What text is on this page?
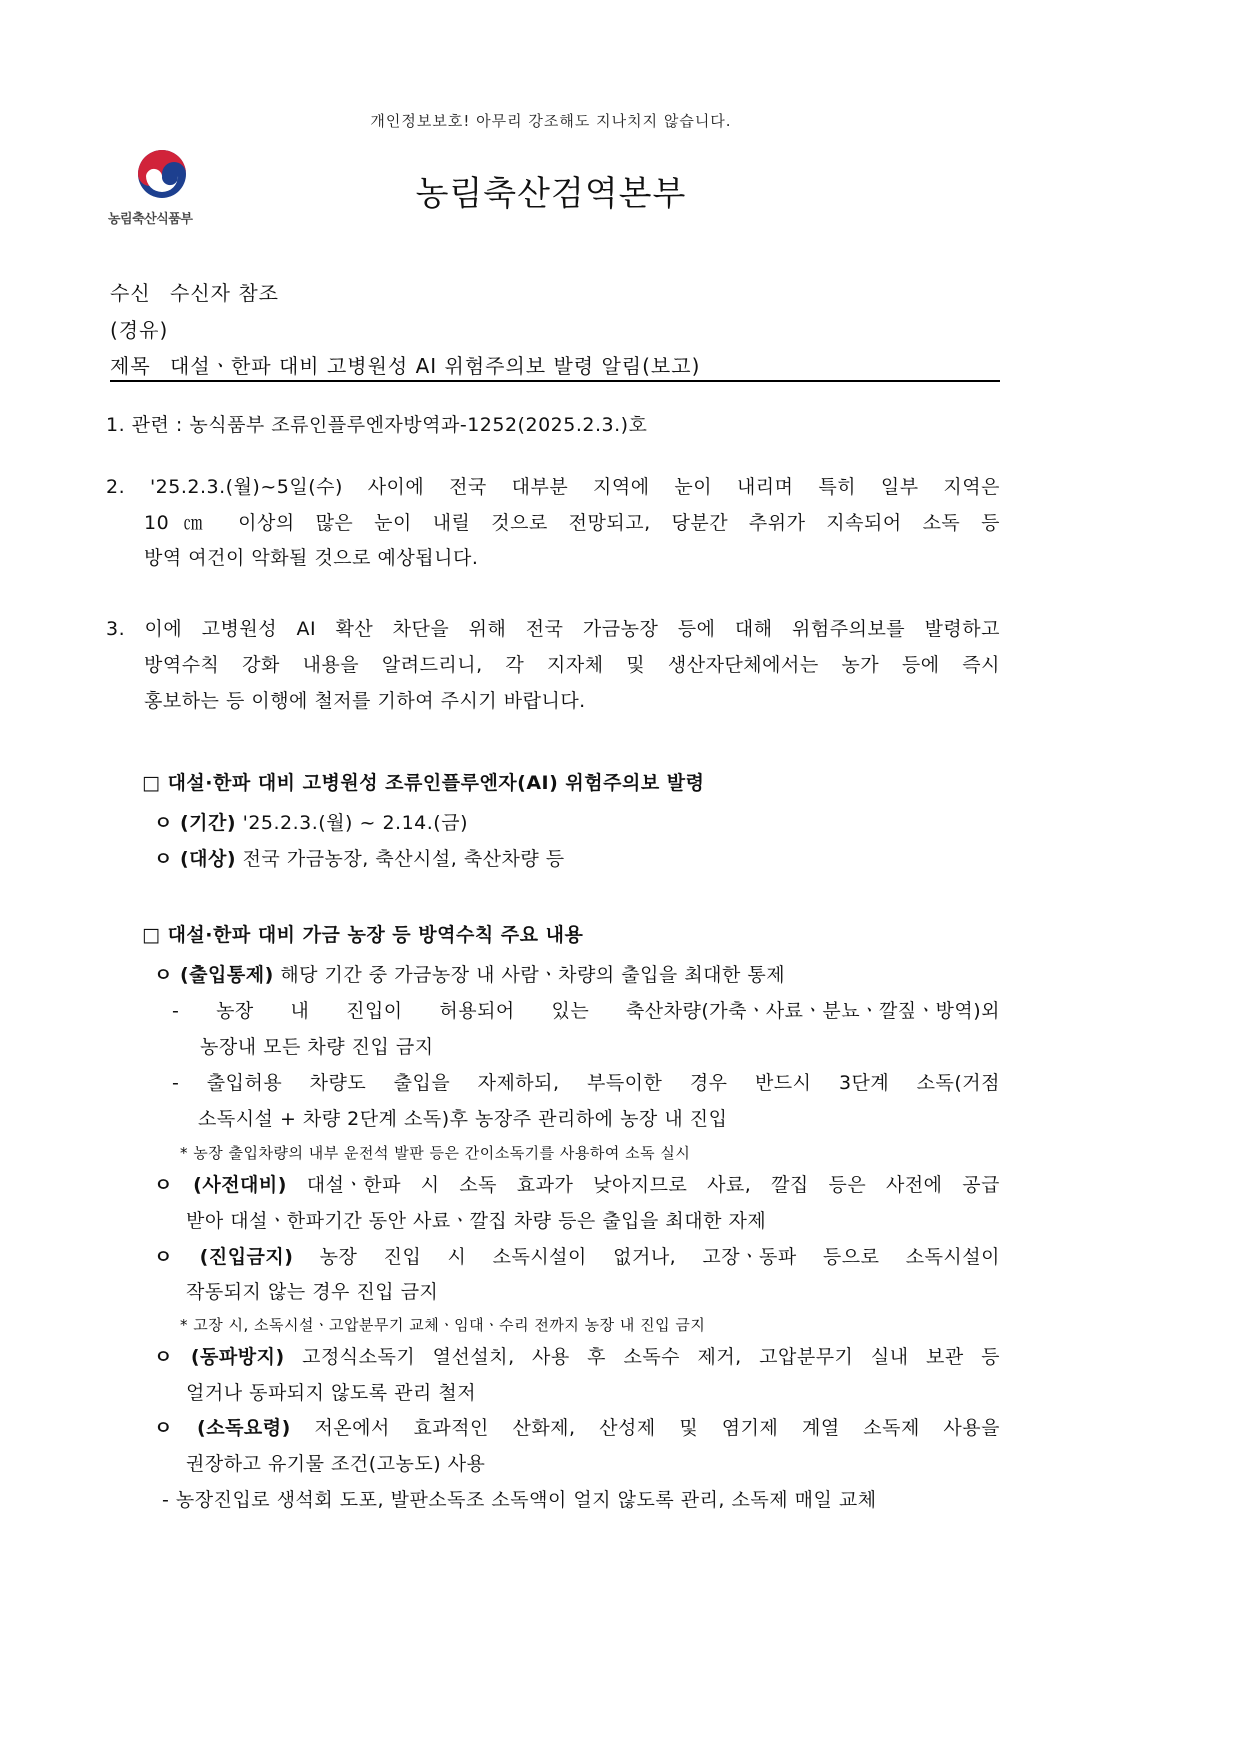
개인정보보호! 아무리 강조해도 지나치지 않습니다.
농림축산식품부
농림축산검역본부
수신 수신자 참조
(경유)
제목 대설ㆍ한파 대비 고병원성 AI 위험주의보 발령 알림(보고)
1. 관련 : 농식품부 조류인플루엔자방역과-1252(2025.2.3.)호
2. '25.2.3.(월)~5일(수) 사이에 전국 대부분 지역에 눈이 내리며 특히 일부 지역은
10㎝ 이상의 많은 눈이 내릴 것으로 전망되고, 당분간 추위가 지속되어 소독 등
방역 여건이 악화될 것으로 예상됩니다.
3. 이에 고병원성 AI 확산 차단을 위해 전국 가금농장 등에 대해 위험주의보를 발령하고
방역수칙 강화 내용을 알려드리니, 각 지자체 및 생산자단체에서는 농가 등에 즉시
홍보하는 등 이행에 철저를 기하여 주시기 바랍니다.
□ 대설·한파 대비 고병원성 조류인플루엔자(AI) 위험주의보 발령
ㅇ (기간) '25.2.3.(월) ~ 2.14.(금)
ㅇ (대상) 전국 가금농장, 축산시설, 축산차량 등
□ 대설·한파 대비 가금 농장 등 방역수칙 주요 내용
ㅇ (출입통제) 해당 기간 중 가금농장 내 사람ㆍ차량의 출입을 최대한 통제
- 농장 내 진입이 허용되어 있는 축산차량(가축ㆍ사료ㆍ분뇨ㆍ깔짚ㆍ방역)외
농장내 모든 차량 진입 금지
- 출입허용 차량도 출입을 자제하되, 부득이한 경우 반드시 3단계 소독(거점
소독시설 + 차량 2단계 소독)후 농장주 관리하에 농장 내 진입
* 농장 출입차량의 내부 운전석 발판 등은 간이소독기를 사용하여 소독 실시
ㅇ (사전대비) 대설ㆍ한파 시 소독 효과가 낮아지므로 사료, 깔집 등은 사전에 공급
받아 대설ㆍ한파기간 동안 사료ㆍ깔집 차량 등은 출입을 최대한 자제
ㅇ (진입금지) 농장 진입 시 소독시설이 없거나, 고장ㆍ동파 등으로 소독시설이
작동되지 않는 경우 진입 금지
* 고장 시, 소독시설ㆍ고압분무기 교체ㆍ임대ㆍ수리 전까지 농장 내 진입 금지
ㅇ (동파방지) 고정식소독기 열선설치, 사용 후 소독수 제거, 고압분무기 실내 보관 등
얼거나 동파되지 않도록 관리 철저
ㅇ (소독요령) 저온에서 효과적인 산화제, 산성제 및 염기제 계열 소독제 사용을
권장하고 유기물 조건(고농도) 사용
- 농장진입로 생석회 도포, 발판소독조 소독액이 얼지 않도록 관리, 소독제 매일 교체
